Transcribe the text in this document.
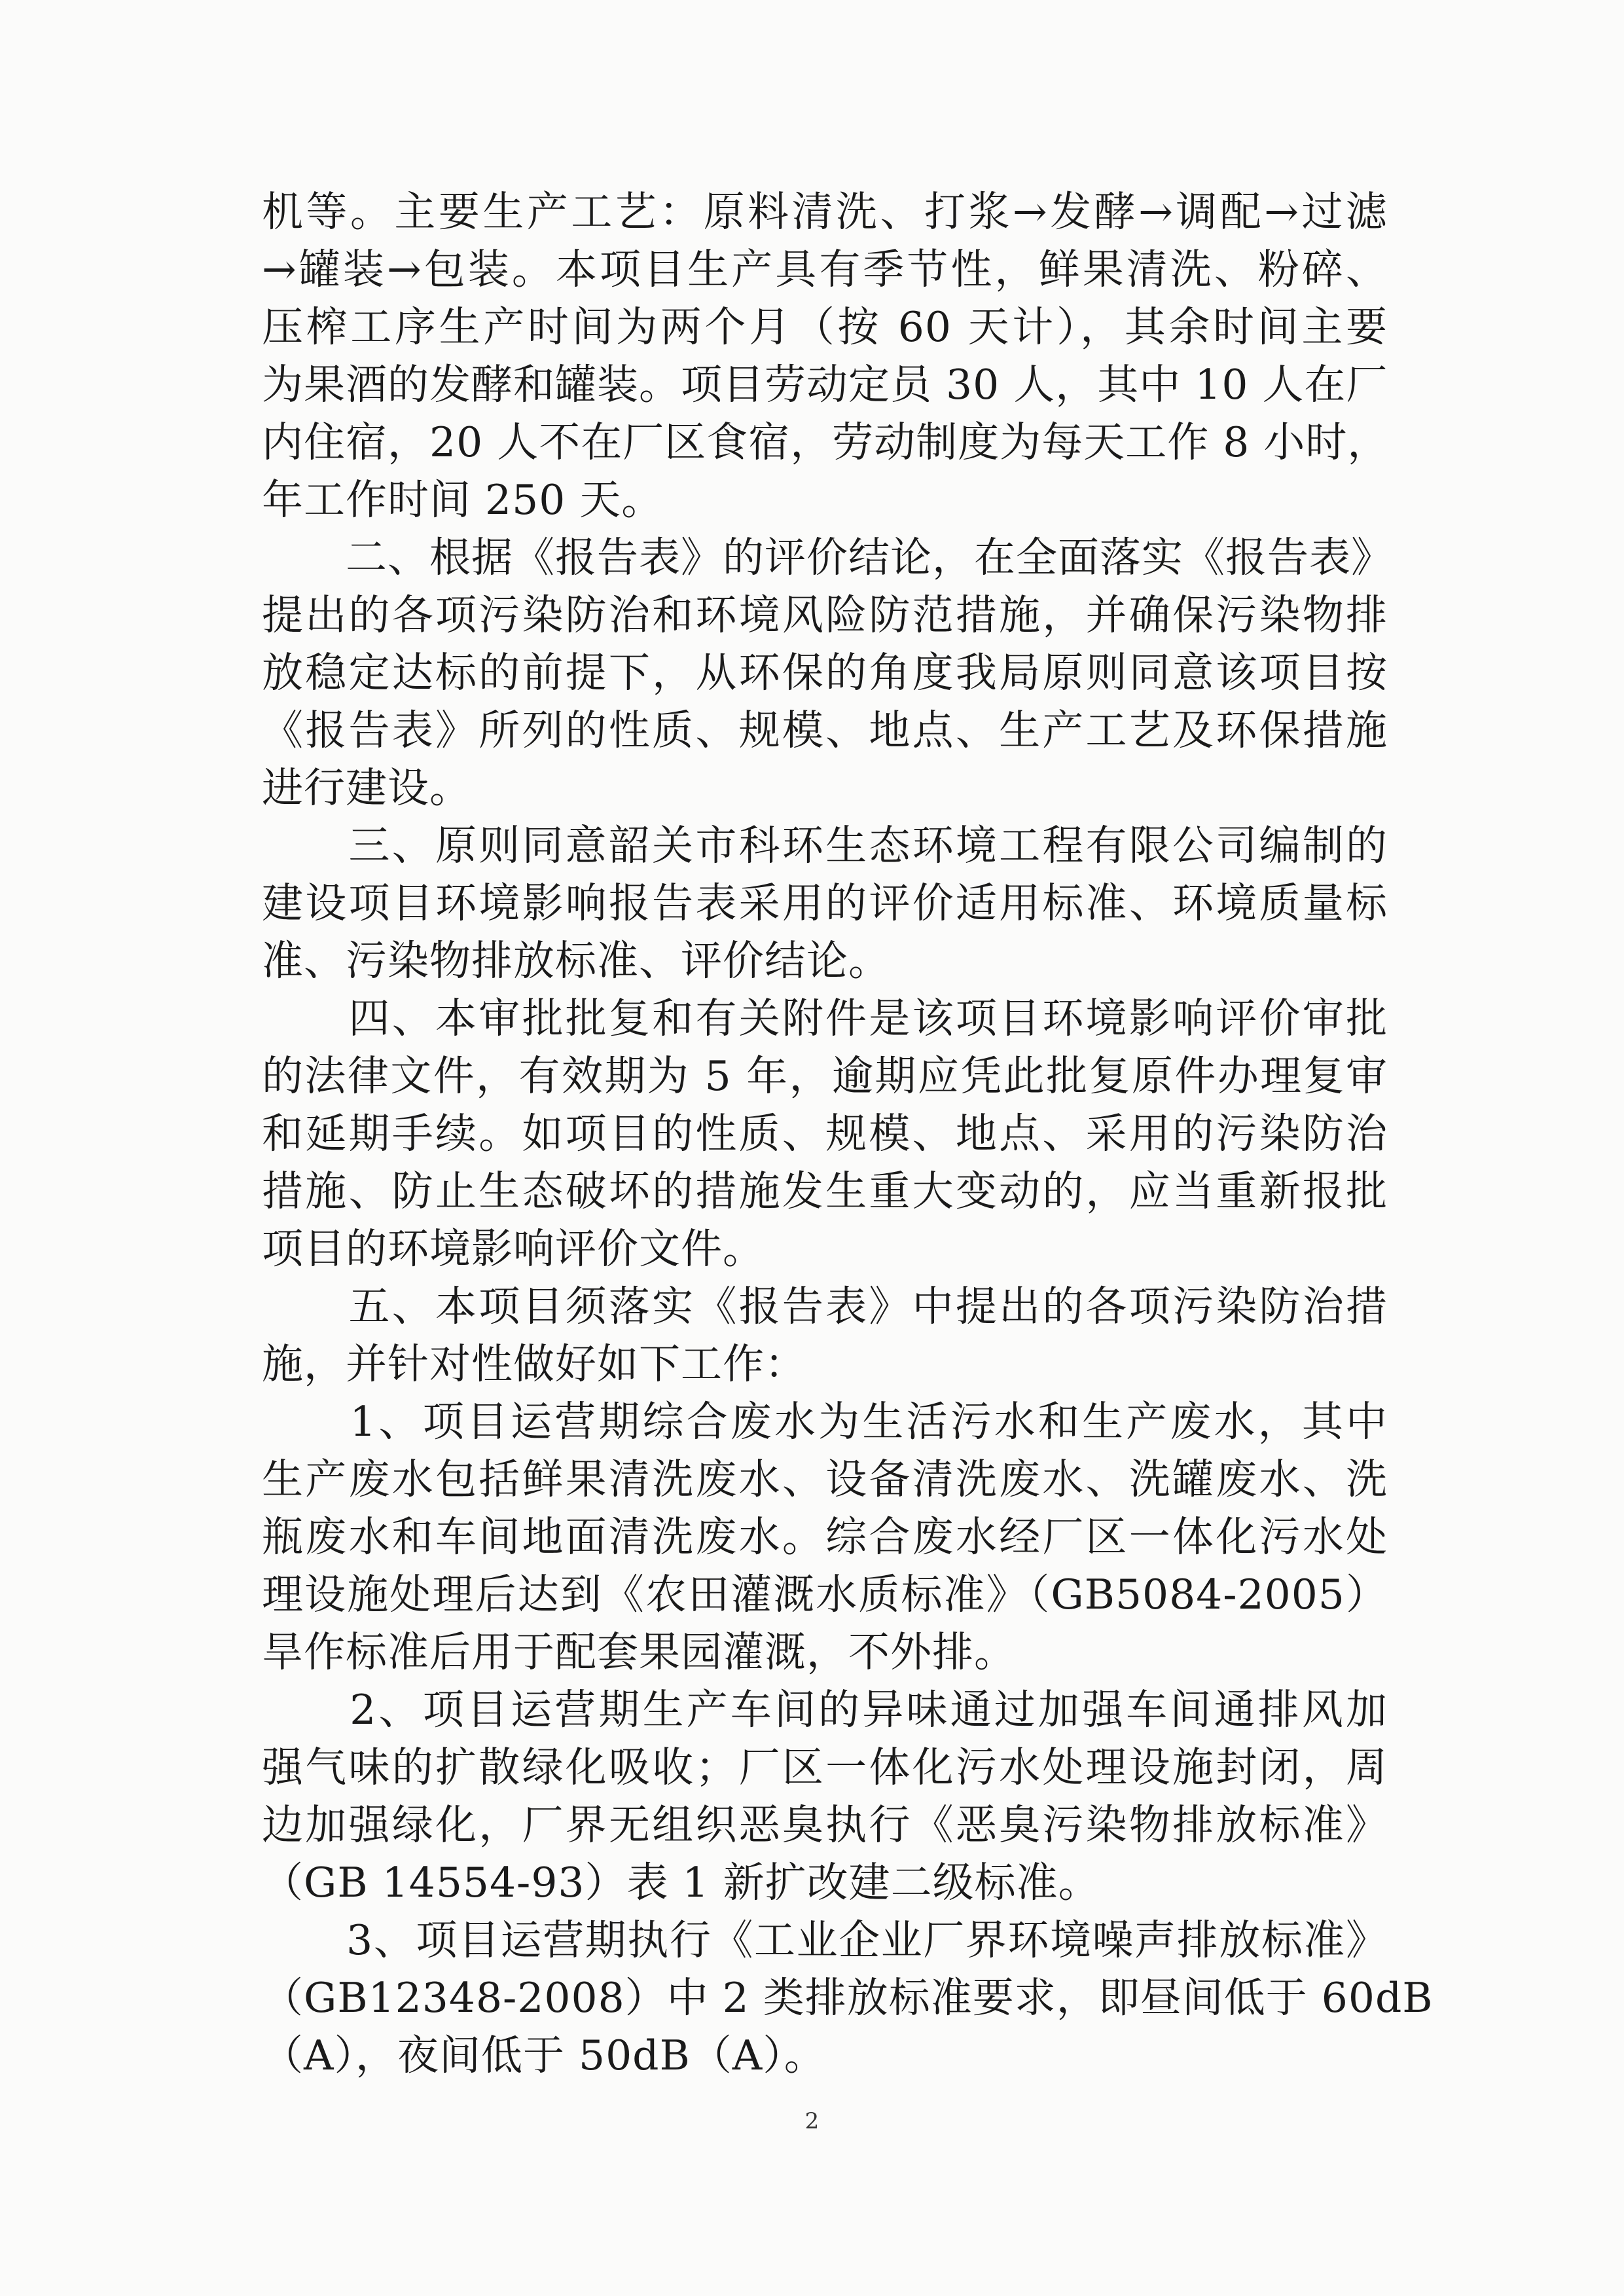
机等。主要生产工艺：原料清洗、打浆→发酵→调配→过滤
→罐装→包装。本项目生产具有季节性，鲜果清洗、粉碎、
压榨工序生产时间为两个月（按 60 天计），其余时间主要
为果酒的发酵和罐装。项目劳动定员 30 人，其中 10 人在厂
内住宿，20 人不在厂区食宿，劳动制度为每天工作 8 小时，
年工作时间 250 天。
　　二、根据《报告表》的评价结论，在全面落实《报告表》
提出的各项污染防治和环境风险防范措施，并确保污染物排
放稳定达标的前提下，从环保的角度我局原则同意该项目按
《报告表》所列的性质、规模、地点、生产工艺及环保措施
进行建设。
　　三、原则同意韶关市科环生态环境工程有限公司编制的
建设项目环境影响报告表采用的评价适用标准、环境质量标
准、污染物排放标准、评价结论。
　　四、本审批批复和有关附件是该项目环境影响评价审批
的法律文件，有效期为 5 年，逾期应凭此批复原件办理复审
和延期手续。如项目的性质、规模、地点、采用的污染防治
措施、防止生态破坏的措施发生重大变动的，应当重新报批
项目的环境影响评价文件。
　　五、本项目须落实《报告表》中提出的各项污染防治措
施，并针对性做好如下工作：
　　1、项目运营期综合废水为生活污水和生产废水，其中
生产废水包括鲜果清洗废水、设备清洗废水、洗罐废水、洗
瓶废水和车间地面清洗废水。综合废水经厂区一体化污水处
理设施处理后达到《农田灌溉水质标准》（GB5084-2005）
旱作标准后用于配套果园灌溉，不外排。
　　2、项目运营期生产车间的异味通过加强车间通排风加
强气味的扩散绿化吸收；厂区一体化污水处理设施封闭，周
边加强绿化，厂界无组织恶臭执行《恶臭污染物排放标准》
（GB 14554-93）表 1 新扩改建二级标准。
　　3、项目运营期执行《工业企业厂界环境噪声排放标准》
（GB12348-2008）中 2 类排放标准要求，即昼间低于 60dB
（A），夜间低于 50dB（A）。
2
